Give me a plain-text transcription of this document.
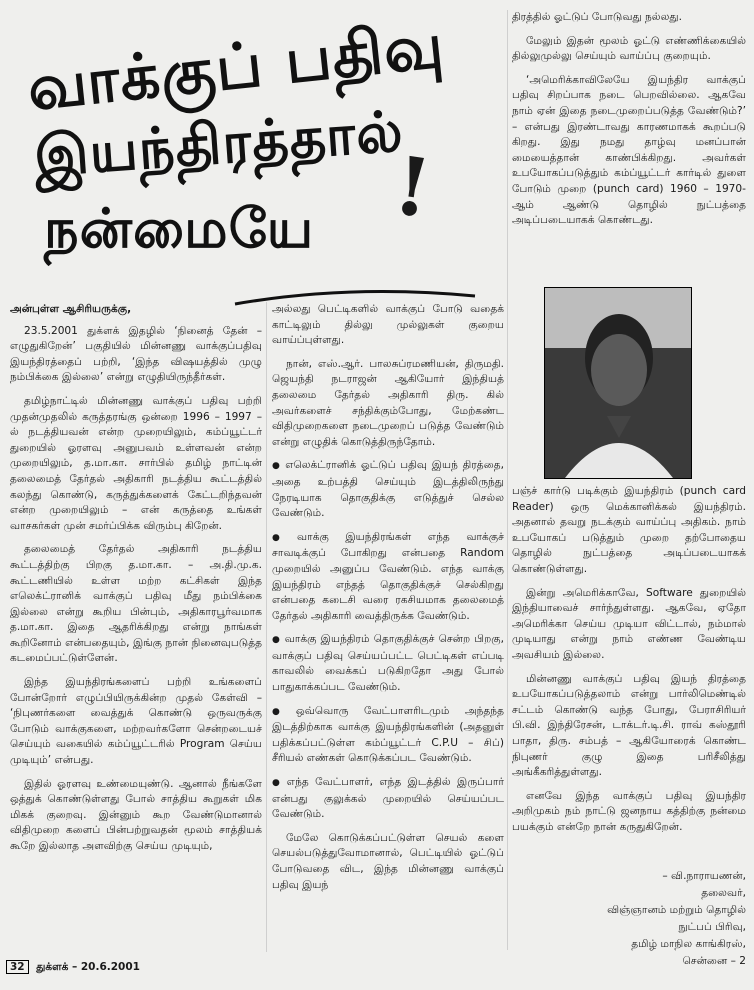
வாக்குப் பதிவு
இயந்திரத்தால்
நன்மையே !

திரத்தில் ஓட்டுப் போடுவது நல்லது.

மேலும் இதன் மூலம் ஓட்டு எண்ணிக்கையில் தில்லுமுல்லு செய்யும் வாய்ப்பு குறையும்.

‘அமெரிக்காவிலேயே இயந்திர வாக்குப் பதிவு சிறப்பாக நடை பெறவில்லை. ஆகவே நாம் ஏன் இதை நடைமுறைப்படுத்த வேண்டும்?’ – என்பது இரண்டாவது காரணமாகக் கூறப்படு கிறது. இது நமது தாழ்வு மனப்பான் மையைத்தான் காண்பிக்கிறது. அவர்கள் உபயோகப்படுத்தும் கம்ப்யூட்டர் கார்டில் துளை போடும் முறை (punch card) 1960 – 1970-ஆம் ஆண்டு தொழில் நுட்பத்தை அடிப்படையாகக் கொண்டது.

அன்புள்ள ஆசிரியருக்கு,

23.5.2001 துக்ளக் இதழில் ‘நினைத் தேன் – எழுதுகிறேன்’ பகுதியில் மின்னணு வாக்குப்பதிவு இயந்திரத்தைப் பற்றி, ‘இந்த விஷயத்தில் முழு நம்பிக்கை இல்லை’ என்று எழுதியிருந்தீர்கள்.

தமிழ்நாட்டில் மின்னணு வாக்குப் பதிவு பற்றி முதன்முதலில் கருத்தரங்கு ஒன்றை 1996 – 1997 – ல் நடத்தியவன் என்ற முறையிலும், கம்ப்யூட்டர் துறையில் ஓரளவு அனுபவம் உள்ளவன் என்ற முறையிலும், த.மா.கா. சார்பில் தமிழ் நாட்டின் தலைமைத் தேர்தல் அதிகாரி நடத்திய கூட்டத்தில் கலந்து கொண்டு, கருத்துக்களைக் கேட்டறிந்தவன் என்ற முறையிலும் – என் கருத்தை உங்கள் வாசகர்கள் முன் சமர்ப்பிக்க விரும்பு கிறேன்.

தலைமைத் தேர்தல் அதிகாரி நடத்திய கூட்டத்திற்கு பிறகு த.மா.கா. – அ.தி.மு.க. கூட்டணியில் உள்ள மற்ற கட்சிகள் இந்த எலெக்ட்ரானிக் வாக்குப் பதிவு மீது நம்பிக்கை இல்லை என்று கூறிய பின்பும், அதிகாரபூர்வமாக த.மா.கா. இதை ஆதரிக்கிறது என்று நாங்கள் கூறினோம் என்பதையும், இங்கு நான் நினைவுபடுத்த கடமைப்பட்டுள்ளேன்.

இந்த இயந்திரங்களைப் பற்றி உங்களைப் போன்றோர் எழுப்பியிருக்கின்ற முதல் கேள்வி – ‘நிபுணர்களை வைத்துக் கொண்டு ஒருவருக்கு போடும் வாக்குகளை, மற்றவர்களோ சென்றடையச் செய்யும் வகையில் கம்ப்யூட்டரில் Program செய்ய முடியும்’ என்பது.

இதில் ஓரளவு உண்மையுண்டு. ஆனால் நீங்களே ஒத்துக் கொண்டுள்ளது போல் சாத்திய கூறுகள் மிக மிகக் குறைவு. இன்னும் கூற வேண்டுமானால் விதிமுறை களைப் பின்பற்றுவதன் மூலம் சாத்தியக் கூறே இல்லாத அளவிற்கு செய்ய முடியும்,

அல்லது பெட்டிகளில் வாக்குப் போடு வதைக் காட்டிலும் தில்லு முல்லுகள் குறைய வாய்ப்புள்ளது.

நான், எஸ்.ஆர். பாலசுப்ரமணியன், திருமதி. ஜெயந்தி நடராஜன் ஆகியோர் இந்தியத் தலைமை தேர்தல் அதிகாரி திரு. கில் அவர்களைச் சந்திக்கும்போது, மேற்கண்ட விதிமுறைகளை நடைமுறைப் படுத்த வேண்டும் என்று எழுதிக் கொடுத்திருந்தோம்.

● எலெக்ட்ரானிக் ஓட்டுப் பதிவு இயந் திரத்தை, அதை உற்பத்தி செய்யும் இடத்திலிருந்து நேரடியாக தொகுதிக்கு எடுத்துச் செல்ல வேண்டும்.

● வாக்கு இயந்திரங்கள் எந்த வாக்குச் சாவடிக்குப் போகிறது என்பதை Random முறையில் அனுப்ப வேண்டும். எந்த வாக்கு இயந்திரம் எந்தத் தொகுதிக்குச் செல்கிறது என்பதை கடைசி வரை ரகசியமாக தலைமைத் தேர்தல் அதிகாரி வைத்திருக்க வேண்டும்.

● வாக்கு இயந்திரம் தொகுதிக்குச் சென்ற பிறகு, வாக்குப் பதிவு செய்யப்பட்ட பெட்டிகள் எப்படி காவலில் வைக்கப் படுகிறதோ அது போல் பாதுகாக்கப்பட வேண்டும்.

● ஒவ்வொரு வேட்பாளரிடமும் அந்தந்த இடத்திற்காக வாக்கு இயந்திரங்களின் (அதனுள் பதிக்கப்பட்டுள்ள கம்ப்யூட்டர் C.P.U – சிப்) சீரியல் எண்கள் கொடுக்கப்பட வேண்டும்.

● எந்த வேட்பாளர், எந்த இடத்தில் இருப்பார் என்பது குலுக்கல் முறையில் செய்யப்பட வேண்டும்.

மேலே கொடுக்கப்பட்டுள்ள செயல் களை செயல்படுத்துவோமானால், பெட்டியில் ஓட்டுப் போடுவதை விட, இந்த மின்னணு வாக்குப் பதிவு இயந்

பஞ்ச் கார்டு படிக்கும் இயந்திரம் (punch card Reader) ஒரு மெக்கானிக்கல் இயந்திரம். அதனால் தவறு நடக்கும் வாய்ப்பு அதிகம். நாம் உபயோகப் படுத்தும் முறை தற்போதைய தொழில் நுட்பத்தை அடிப்படையாகக் கொண்டுள்ளது.

இன்று அமெரிக்காவே, Software துறையில் இந்தியாவைச் சார்ந்துள்ளது. ஆகவே, ஏதோ அமெரிக்கா செய்ய முடியா விட்டால், நம்மால் முடியாது என்று நாம் எண்ண வேண்டிய அவசியம் இல்லை.

மின்னணு வாக்குப் பதிவு இயந் திரத்தை உபயோகப்படுத்தலாம் என்று பார்லிமெண்டில் சட்டம் கொண்டு வந்த போது, பேராசிரியர் பி.வி. இந்திரேசன், டாக்டர்.டி.சி. ராவ் கஸ்தூரி பாதா, திரு. சம்பத் – ஆகியோரைக் கொண்ட நிபுணர் குழு இதை பரிசீலித்து அங்கீகரித்துள்ளது.

எனவே இந்த வாக்குப் பதிவு இயந்திர அறிமுகம் நம் நாட்டு ஜனநாய கத்திற்கு நன்மை பயக்கும் என்றே நான் கருதுகிறேன்.

– வி.நாராயணன்,
தலைவர்,
விஞ்ஞானம் மற்றும் தொழில்
நுட்பப் பிரிவு,
தமிழ் மாநில காங்கிரஸ்,
சென்னை – 2
32 துக்ளக் – 20.6.2001
